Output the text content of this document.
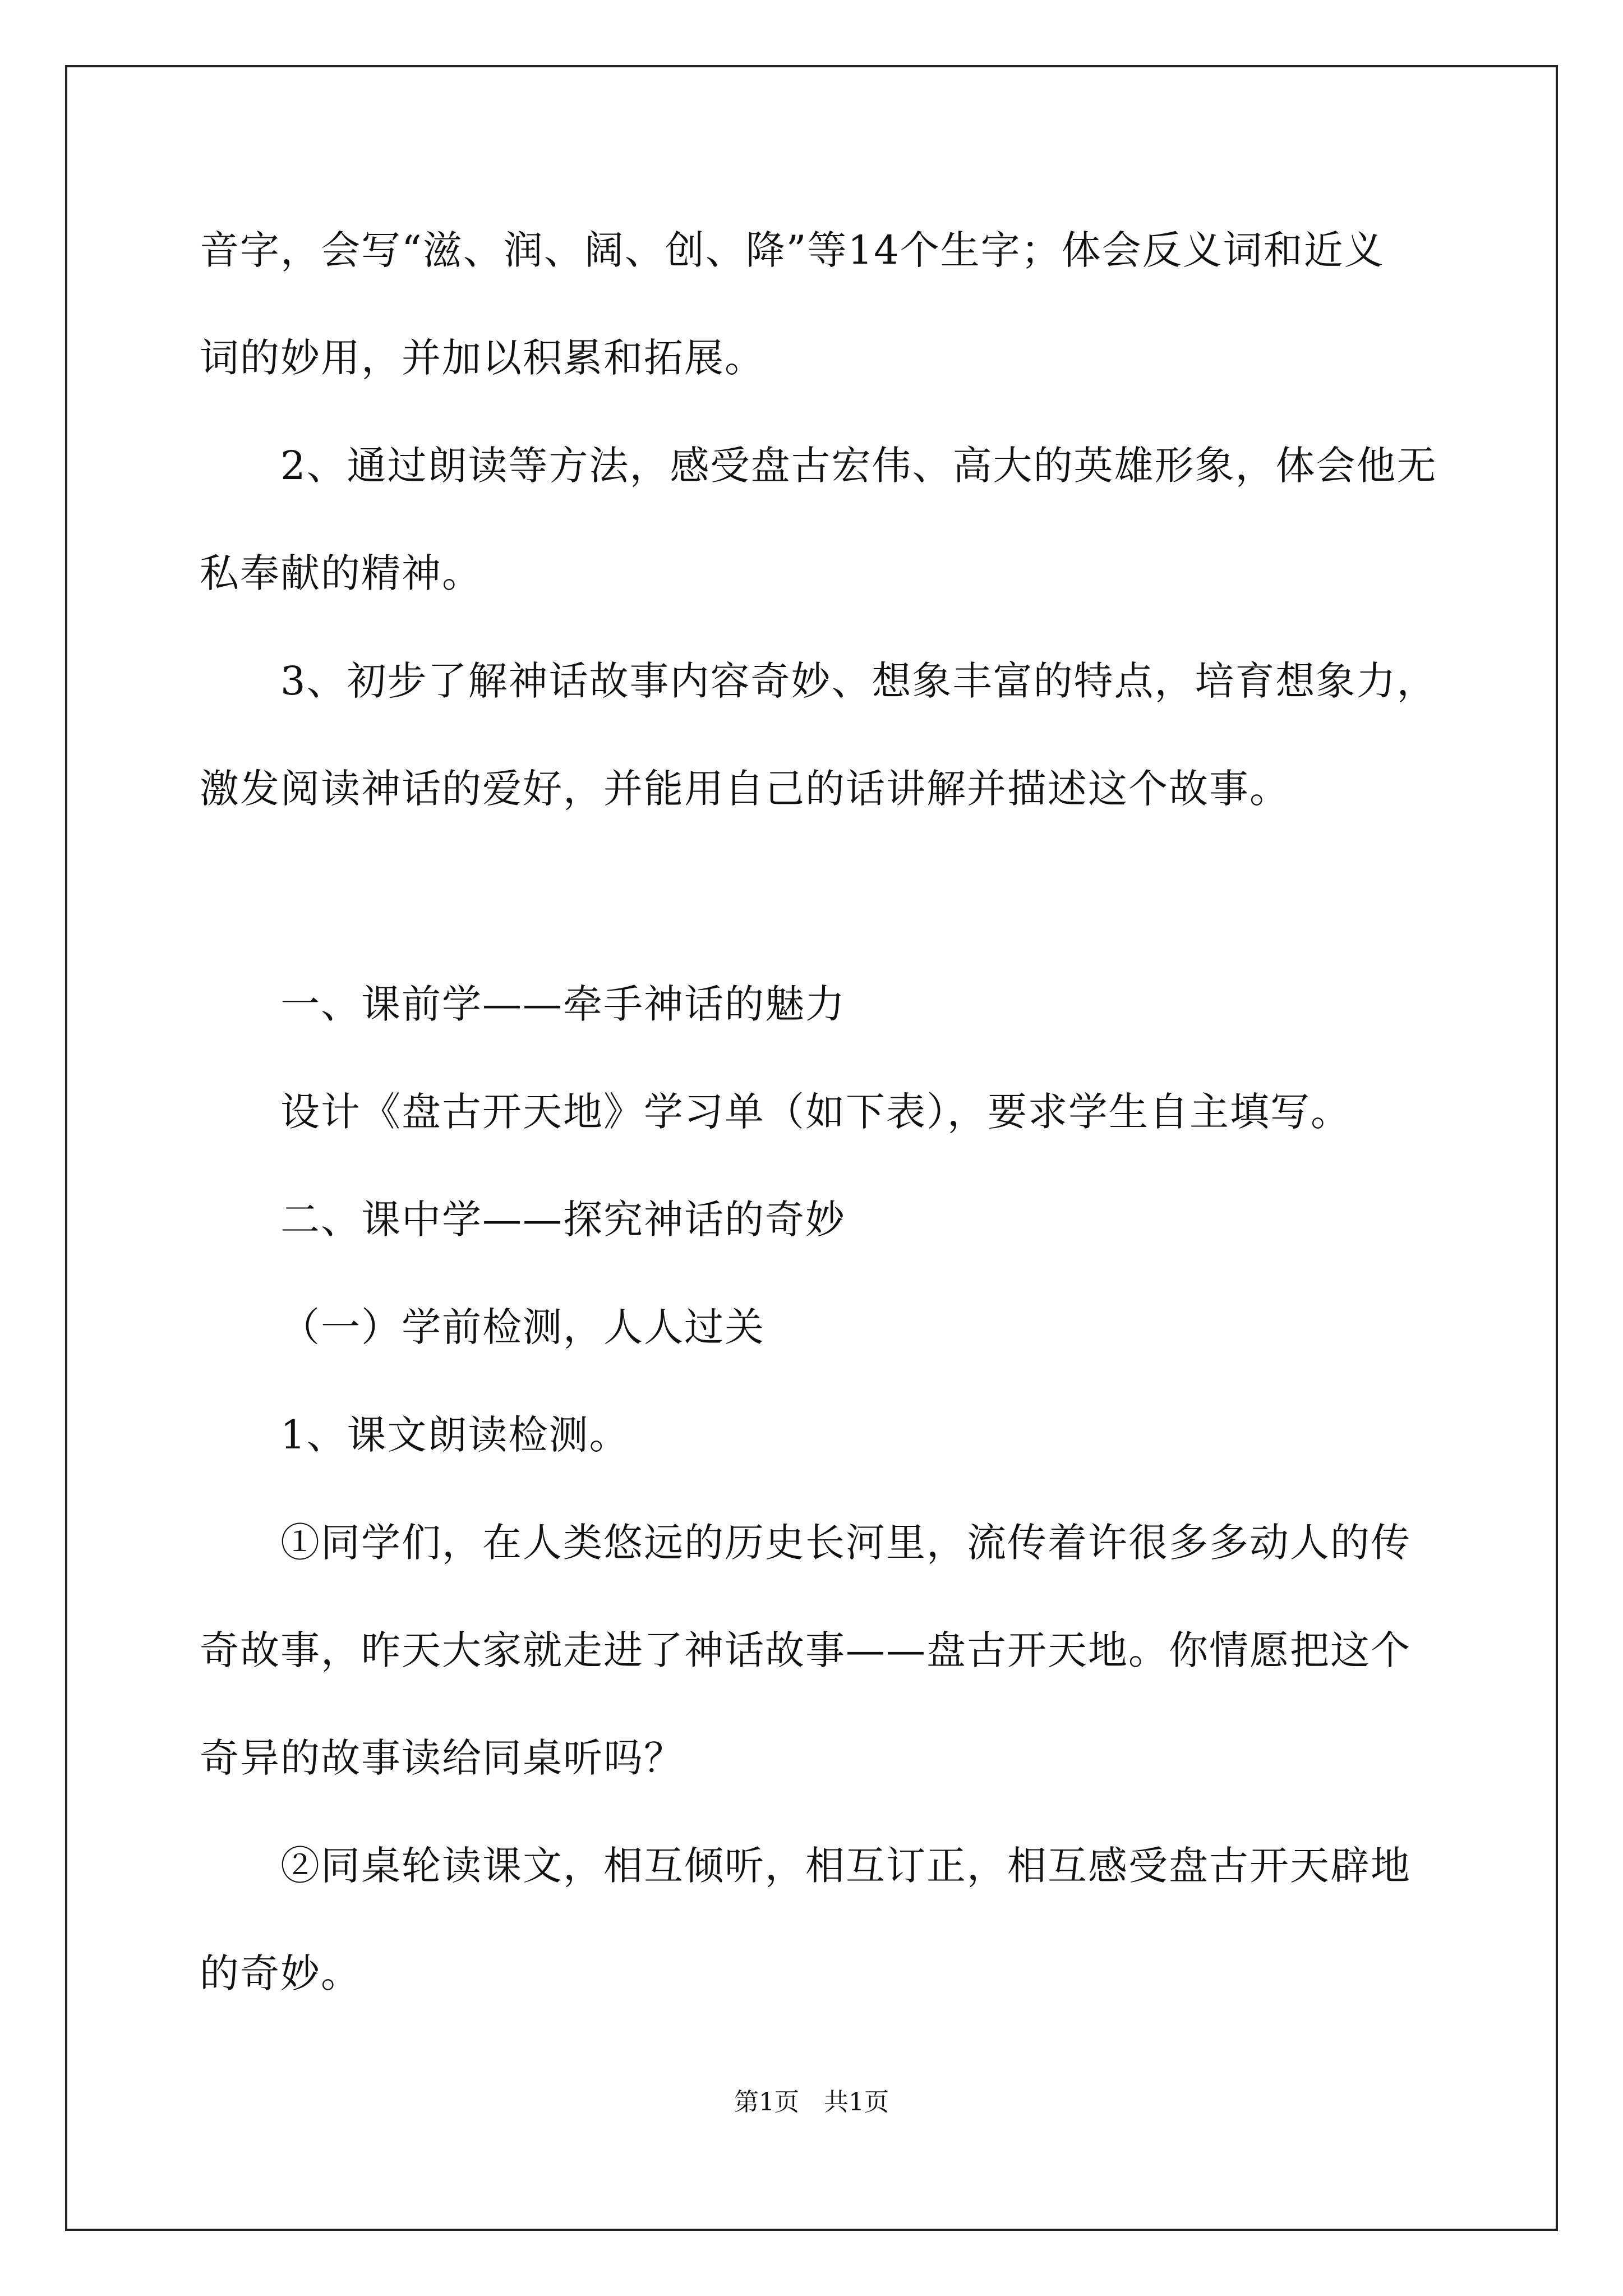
音字，会写“滋、润、阔、创、降”等14个生字；体会反义词和近义
词的妙用，并加以积累和拓展。
2、通过朗读等方法，感受盘古宏伟、高大的英雄形象，体会他无
私奉献的精神。
3、初步了解神话故事内容奇妙、想象丰富的特点，培育想象力，
激发阅读神话的爱好，并能用自己的话讲解并描述这个故事。
一、课前学——牵手神话的魅力
设计《盘古开天地》学习单（如下表），要求学生自主填写。
二、课中学——探究神话的奇妙
（一）学前检测，人人过关
1、课文朗读检测。
①同学们，在人类悠远的历史长河里，流传着许很多多动人的传
奇故事，昨天大家就走进了神话故事——盘古开天地。你情愿把这个
奇异的故事读给同桌听吗？
②同桌轮读课文，相互倾听，相互订正，相互感受盘古开天辟地
的奇妙。
第1页　共1页
